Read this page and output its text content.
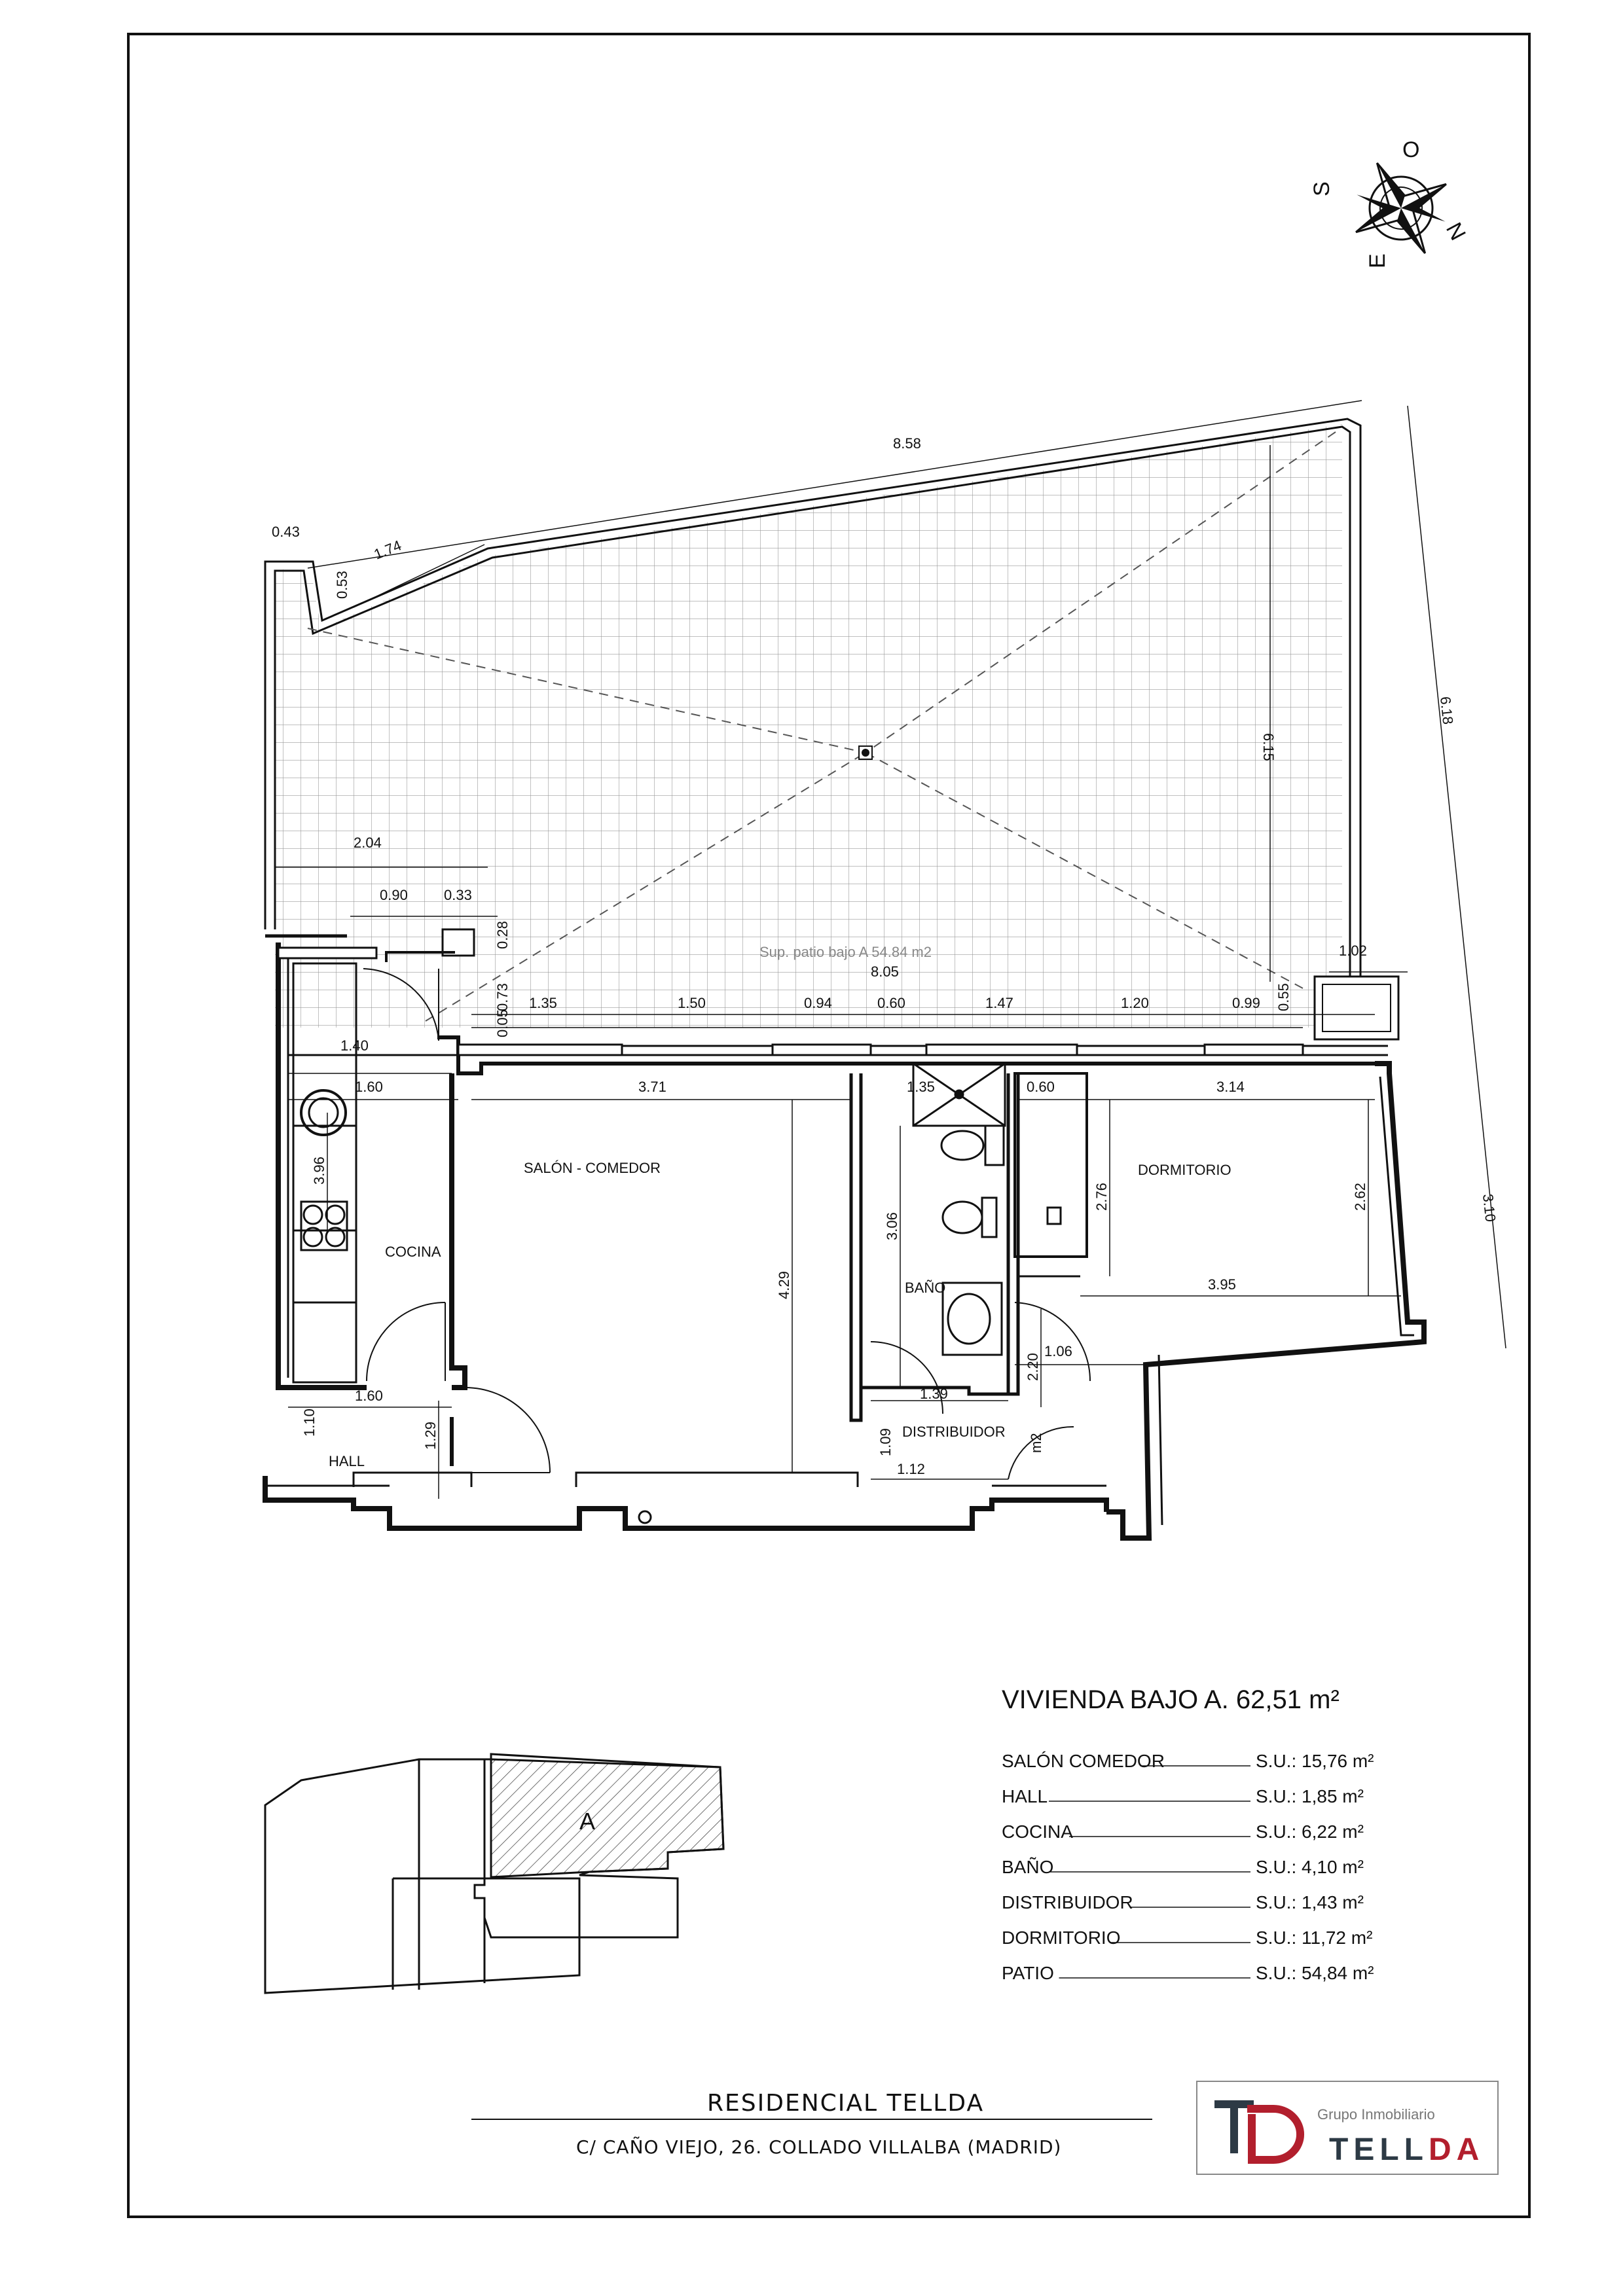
O
N
E
S
8.58
0.43
1.74
0.53
6.15
6.18
2.04
0.90	0.33
0.28
Sup. patio bajo A 54.84 m2
8.05
1.02
0.73
0.05
1.35	1.50	0.94	0.60	1.47	1.20	0.99 0.55
1.40
1.60	3.71	1.35	0.60	3.14
3.10
3.96
3.06
2.76	2.62
4.29	3.95
1.06
2.20
1.60	1.39
1.10	1.29	1.09
1.12
m2
SALÓN - COMEDOR
COCINA
DORMITORIO
BAÑO
DISTRIBUIDOR
HALL
VIVIENDA BAJO A. 62,51 m²
SALÓN COMEDOR	S.U.: 15,76 m²
HALL	S.U.: 1,85 m²
COCINA	S.U.: 6,22 m²
BAÑO	S.U.: 4,10 m²
DISTRIBUIDOR	S.U.: 1,43 m²
DORMITORIO	S.U.: 11,72 m²
PATIO	S.U.: 54,84 m²
A
RESIDENCIAL TELLDA
C/ CAÑO VIEJO, 26. COLLADO VILLALBA (MADRID)
Grupo Inmobiliario
TELLDA
